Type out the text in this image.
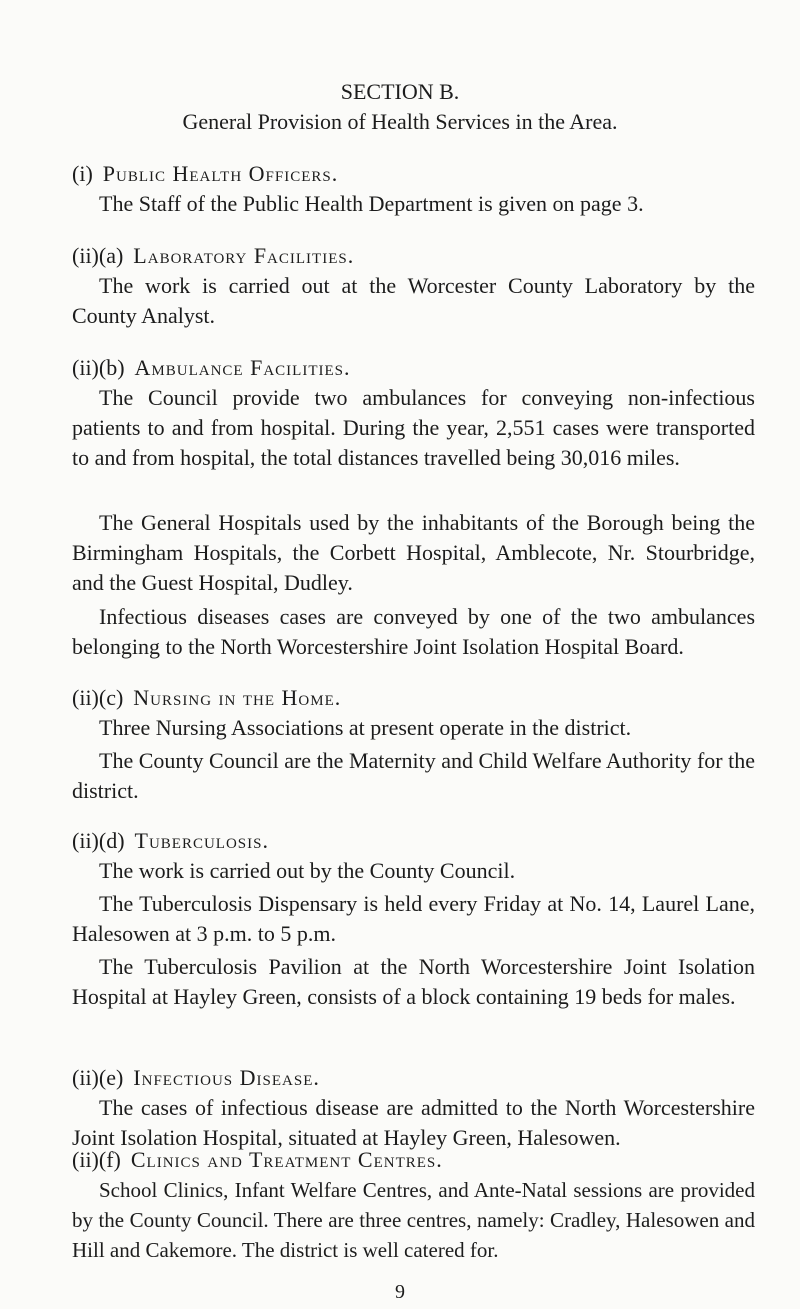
SECTION B.
General Provision of Health Services in the Area.
(i) Public Health Officers.
The Staff of the Public Health Department is given on page 3.
(ii)(a) Laboratory Facilities.
The work is carried out at the Worcester County Laboratory by the County Analyst.
(ii)(b) Ambulance Facilities.
The Council provide two ambulances for conveying non-infectious patients to and from hospital. During the year, 2,551 cases were transported to and from hospital, the total distances travelled being 30,016 miles.
The General Hospitals used by the inhabitants of the Borough being the Birmingham Hospitals, the Corbett Hospital, Amblecote, Nr. Stourbridge, and the Guest Hospital, Dudley.
Infectious diseases cases are conveyed by one of the two ambulances belonging to the North Worcestershire Joint Isolation Hospital Board.
(ii)(c) Nursing in the Home.
Three Nursing Associations at present operate in the district.
The County Council are the Maternity and Child Welfare Authority for the district.
(ii)(d) Tuberculosis.
The work is carried out by the County Council.
The Tuberculosis Dispensary is held every Friday at No. 14, Laurel Lane, Halesowen at 3 p.m. to 5 p.m.
The Tuberculosis Pavilion at the North Worcestershire Joint Isolation Hospital at Hayley Green, consists of a block containing 19 beds for males.
(ii)(e) Infectious Disease.
The cases of infectious disease are admitted to the North Worcestershire Joint Isolation Hospital, situated at Hayley Green, Halesowen.
(ii)(f) Clinics and Treatment Centres.
School Clinics, Infant Welfare Centres, and Ante-Natal sessions are provided by the County Council. There are three centres, namely: Cradley, Halesowen and Hill and Cakemore. The district is well catered for.
9
